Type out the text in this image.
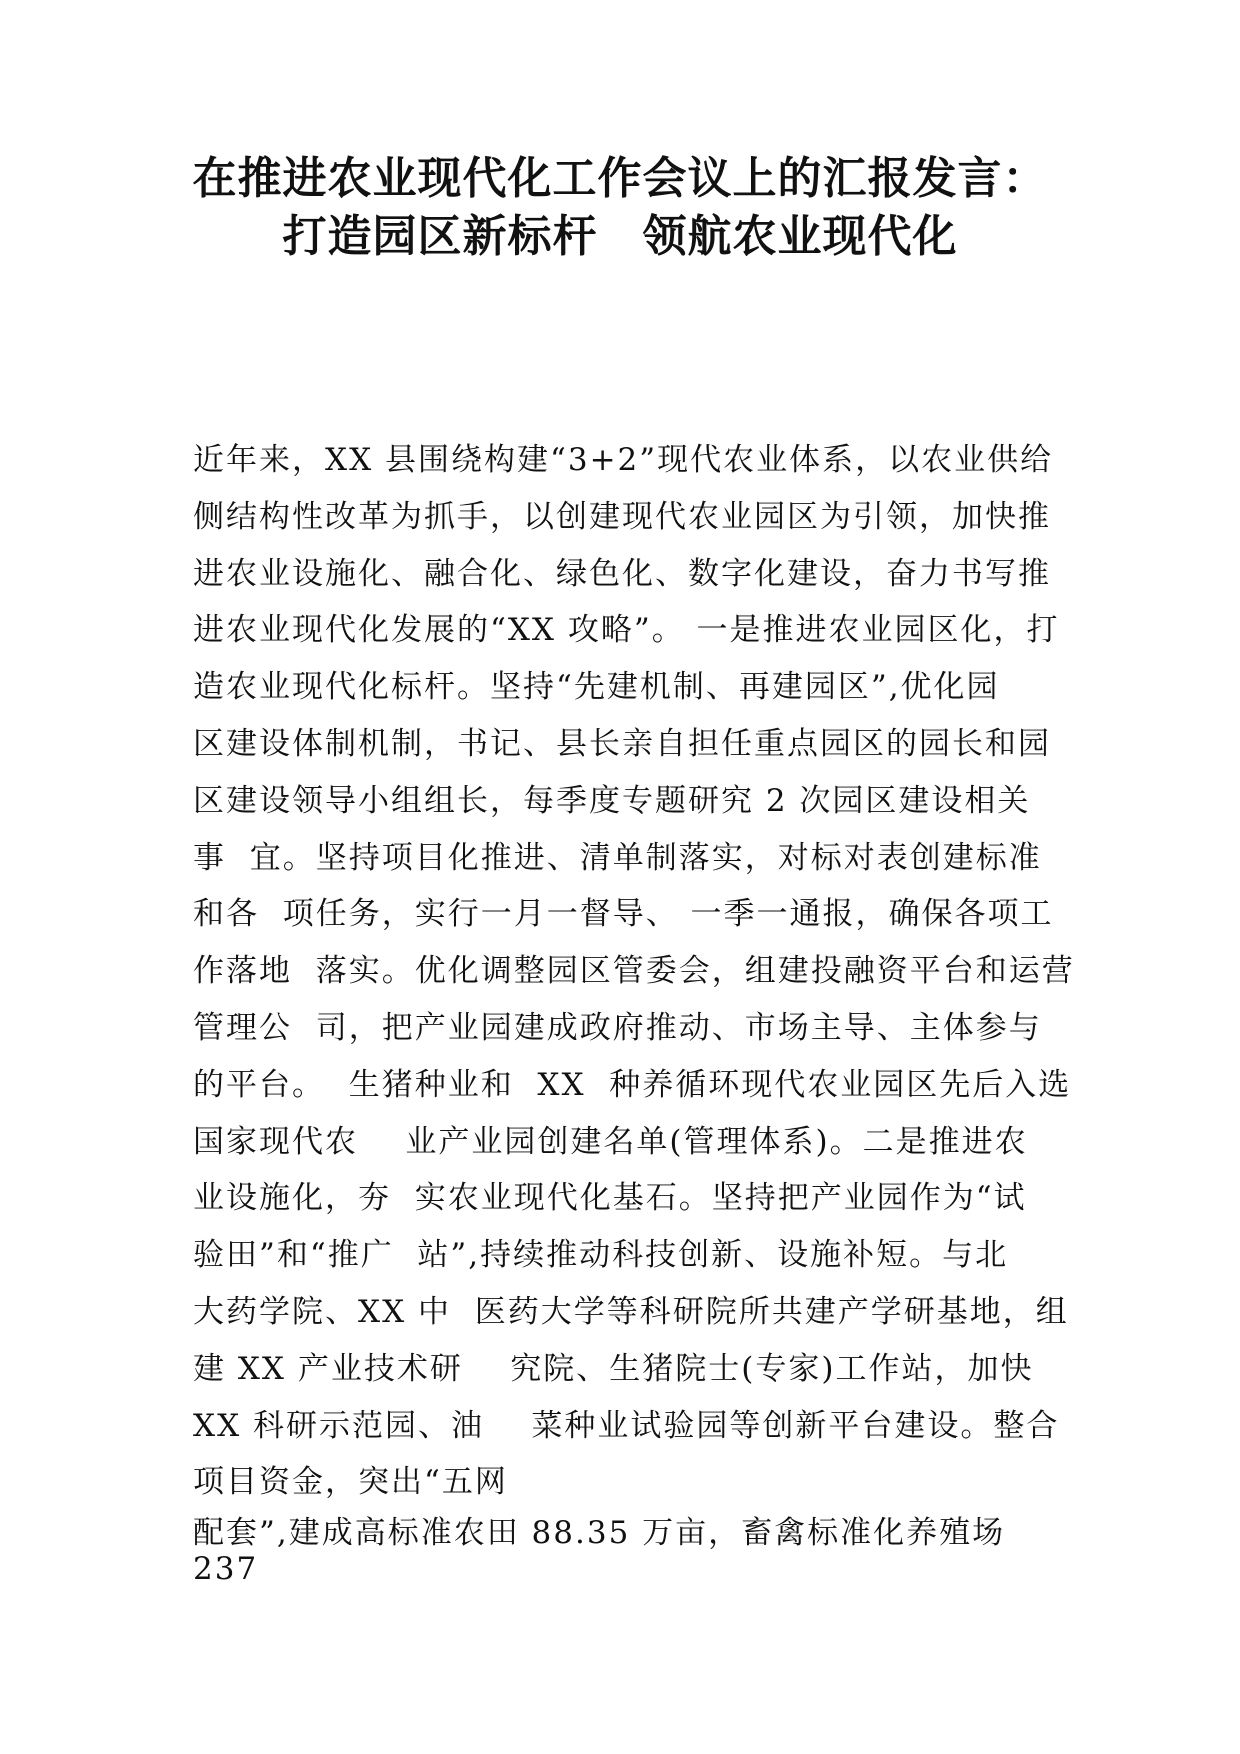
在推进农业现代化工作会议上的汇报发言：
打造园区新标杆　领航农业现代化
近年来，XX 县围绕构建“3+2”现代农业体系，以农业供给
侧结构性改革为抓手，以创建现代农业园区为引领，加快推
进农业设施化、融合化、绿色化、数字化建设，奋力书写推
进农业现代化发展的“XX 攻略”。 一是推进农业园区化，打
造农业现代化标杆。坚持“先建机制、再建园区”,优化园
区建设体制机制，书记、县长亲自担任重点园区的园长和园
区建设领导小组组长，每季度专题研究 2 次园区建设相关
事  宜。坚持项目化推进、清单制落实，对标对表创建标准
和各  项任务，实行一月一督导、 一季一通报，确保各项工
作落地  落实。优化调整园区管委会，组建投融资平台和运营
管理公  司，把产业园建成政府推动、市场主导、主体参与
的平台。  生猪种业和  XX  种养循环现代农业园区先后入选
国家现代农    业产业园创建名单(管理体系)。二是推进农
业设施化，夯  实农业现代化基石。坚持把产业园作为“试
验田”和“推广  站”,持续推动科技创新、设施补短。与北
大药学院、XX 中  医药大学等科研院所共建产学研基地，组
建 XX 产业技术研    究院、生猪院士(专家)工作站，加快
XX 科研示范园、油    菜种业试验园等创新平台建设。整合
项目资金，突出“五网
配套”,建成高标准农田 88.35 万亩，畜禽标准化养殖场
237
